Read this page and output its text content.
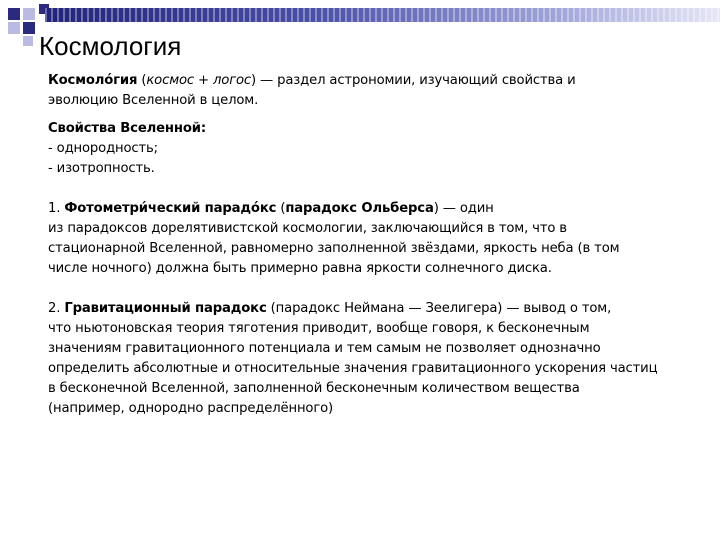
Космология

Космоло́гия (космос + логос) — раздел астрономии, изучающий свойства и
эволюцию Вселенной в целом.

Свойства Вселенной:

- однородность;

- изотропность.

1. Фотометри́ческий парадо́кс (парадокс Ольберса) — один

из парадоксов дорелятивистской космологии, заключающийся в том, что в

стационарной Вселенной, равномерно заполненной звёздами, яркость неба (в том

числе ночного) должна быть примерно равна яркости солнечного диска.

2. Гравитационный парадокс (парадокс Неймана — Зеелигера) — вывод о том,

что ньютоновская теория тяготения приводит, вообще говоря, к бесконечным

значениям гравитационного потенциала и тем самым не позволяет однозначно

определить абсолютные и относительные значения гравитационного ускорения частиц

в бесконечной Вселенной, заполненной бесконечным количеством вещества

(например, однородно распределённого)
